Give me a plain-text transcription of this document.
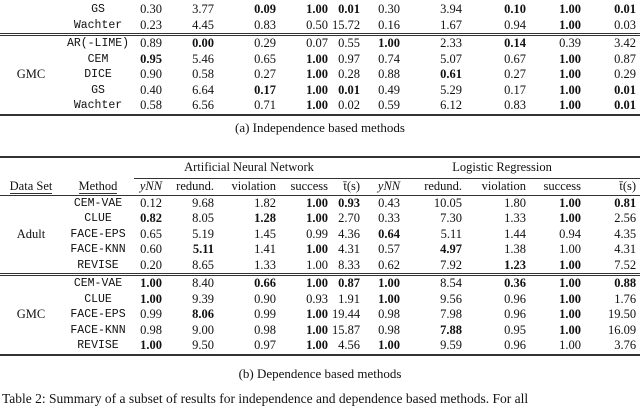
	GS	0.30	3.77	0.09	1.00	0.01	0.30	3.94	0.10	1.00	0.01
	Wachter	0.23	4.45	0.83	0.50	15.72	0.16	1.67	0.94	1.00	0.03
GMC	AR(-LIME)	0.89	0.00	0.29	0.07	0.55	1.00	2.33	0.14	0.39	3.42
	CEM	0.95	5.46	0.65	1.00	0.97	0.74	5.07	0.67	1.00	0.87
	DICE	0.90	0.58	0.27	1.00	0.28	0.88	0.61	0.27	1.00	0.29
	GS	0.40	6.64	0.17	1.00	0.01	0.49	5.29	0.17	1.00	0.01
	Wachter	0.58	6.56	0.71	1.00	0.02	0.59	6.12	0.83	1.00	0.01

(a) Independence based methods
		Artificial Neural Network					Logistic Regression				
Data Set	Method	yNN	redund.	violation	success	t̄(s)	yNN	redund.	violation	success	t̄(s)
Adult	CEM-VAE	0.12	9.68	1.82	1.00	0.93	0.43	10.05	1.80	1.00	0.81
	CLUE	0.82	8.05	1.28	1.00	2.70	0.33	7.30	1.33	1.00	2.56
	FACE-EPS	0.65	5.19	1.45	0.99	4.36	0.64	5.11	1.44	0.94	4.35
	FACE-KNN	0.60	5.11	1.41	1.00	4.31	0.57	4.97	1.38	1.00	4.31
	REVISE	0.20	8.65	1.33	1.00	8.33	0.62	7.92	1.23	1.00	7.52
GMC	CEM-VAE	1.00	8.40	0.66	1.00	0.87	1.00	8.54	0.36	1.00	0.88
	CLUE	1.00	9.39	0.90	0.93	1.91	1.00	9.56	0.96	1.00	1.76
	FACE-EPS	0.99	8.06	0.99	1.00	19.44	0.98	7.98	0.96	1.00	19.50
	FACE-KNN	0.98	9.00	0.98	1.00	15.87	0.98	7.88	0.95	1.00	16.09
	REVISE	1.00	9.50	0.97	1.00	4.56	1.00	9.59	0.96	1.00	3.76

(b) Dependence based methods
Table 2: Summary of a subset of results for independence and dependence based methods. For all
